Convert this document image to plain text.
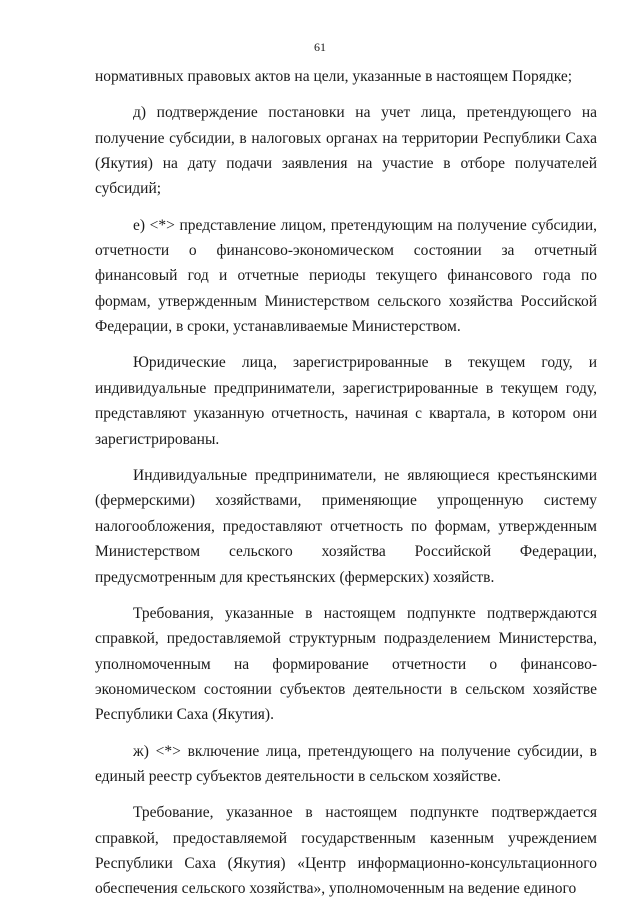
61

нормативных правовых актов на цели, указанные в настоящем Порядке;

д) подтверждение постановки на учет лица, претендующего на получение субсидии, в налоговых органах на территории Республики Саха (Якутия) на дату подачи заявления на участие в отборе получателей субсидий;

е) <*> представление лицом, претендующим на получение субсидии, отчетности о финансово-экономическом состоянии за отчетный финансовый год и отчетные периоды текущего финансового года по формам, утвержденным Министерством сельского хозяйства Российской Федерации, в сроки, устанавливаемые Министерством.

Юридические лица, зарегистрированные в текущем году, и индивидуальные предприниматели, зарегистрированные в текущем году, представляют указанную отчетность, начиная с квартала, в котором они зарегистрированы.

Индивидуальные предприниматели, не являющиеся крестьянскими (фермерскими) хозяйствами, применяющие упрощенную систему налогообложения, предоставляют отчетность по формам, утвержденным Министерством сельского хозяйства Российской Федерации, предусмотренным для крестьянских (фермерских) хозяйств.

Требования, указанные в настоящем подпункте подтверждаются справкой, предоставляемой структурным подразделением Министерства, уполномоченным на формирование отчетности о финансово-экономическом состоянии субъектов деятельности в сельском хозяйстве Республики Саха (Якутия).

ж) <*> включение лица, претендующего на получение субсидии, в единый реестр субъектов деятельности в сельском хозяйстве.

Требование, указанное в настоящем подпункте подтверждается справкой, предоставляемой государственным казенным учреждением Республики Саха (Якутия) «Центр информационно-консультационного обеспечения сельского хозяйства», уполномоченным на ведение единого
